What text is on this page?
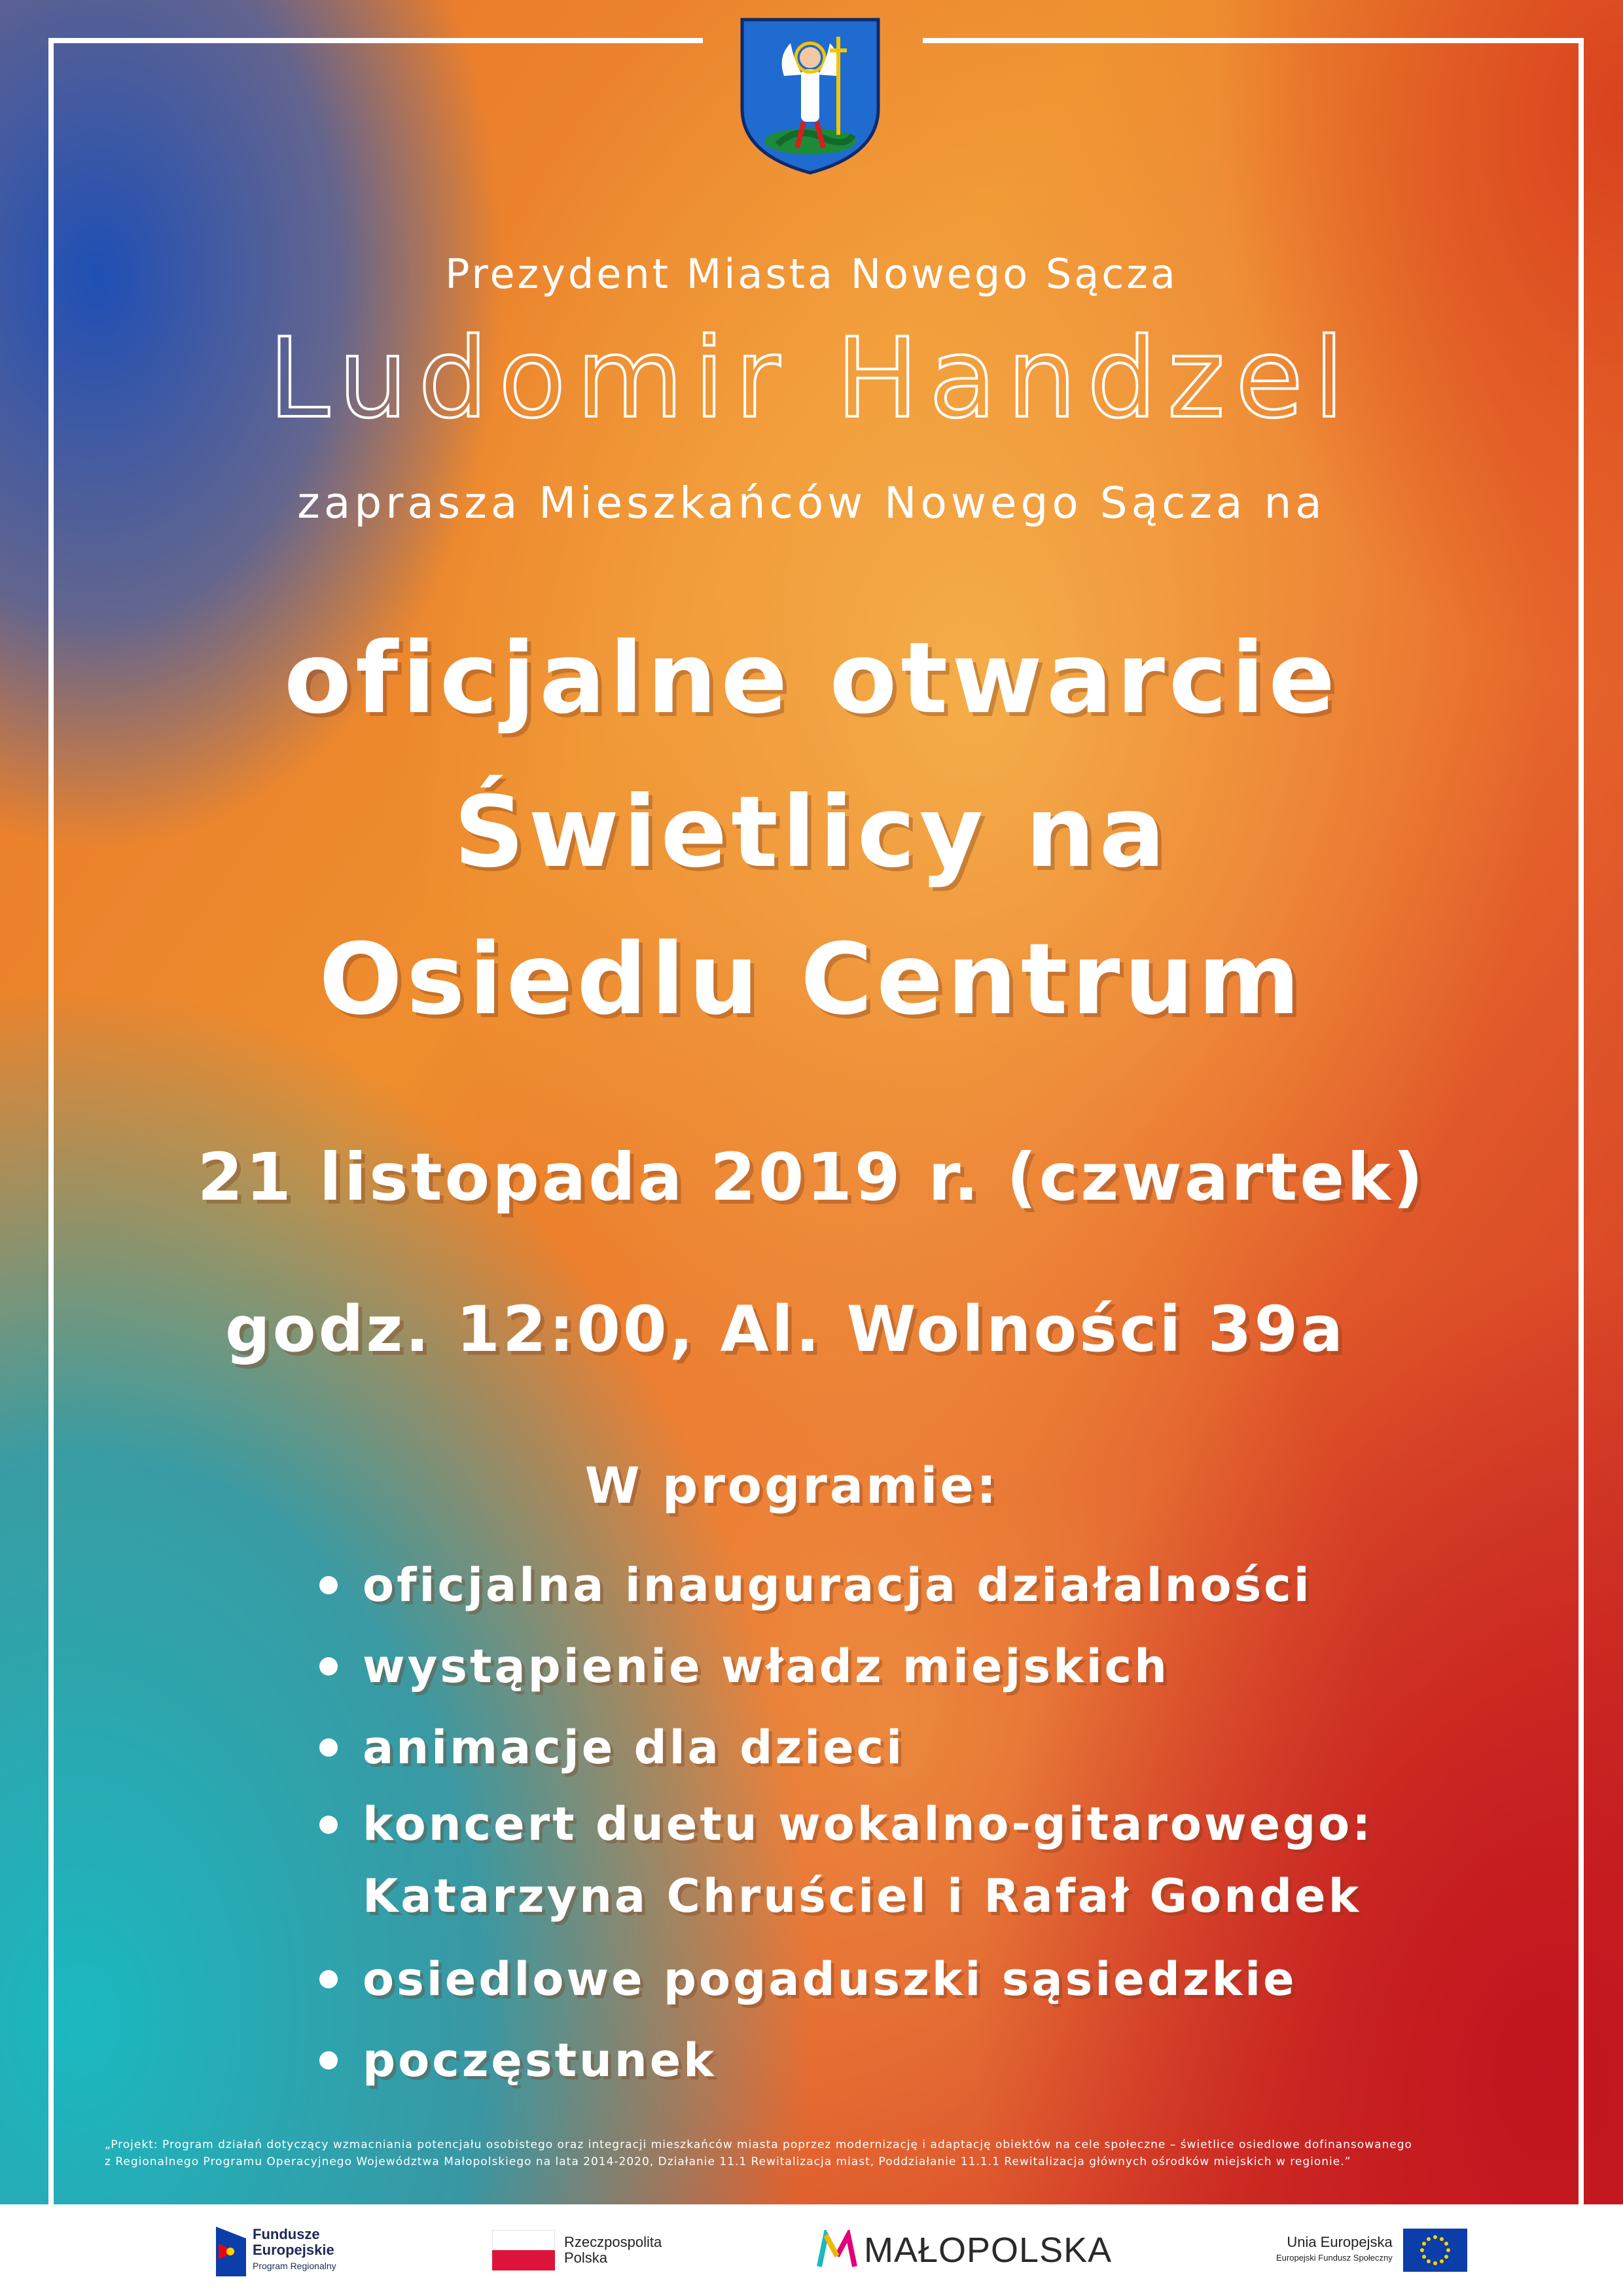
Prezydent Miasta Nowego Sącza
Ludomir Handzel
zaprasza Mieszkańców Nowego Sącza na
oficjalne otwarcie
Świetlicy na
Osiedlu Centrum
21 listopada 2019 r. (czwartek)
godz. 12:00, Al. Wolności 39a
W programie:
oficjalna inauguracja działalności
wystąpienie władz miejskich
animacje dla dzieci
koncert duetu wokalno-gitarowego:
Katarzyna Chruściel i Rafał Gondek
osiedlowe pogaduszki sąsiedzkie
poczęstunek
„Projekt: Program działań dotyczący wzmacniania potencjału osobistego oraz integracji mieszkańców miasta poprzez modernizację i adaptację obiektów na cele społeczne – świetlice osiedlowe dofinansowanego
z Regionalnego Programu Operacyjnego Województwa Małopolskiego na lata 2014-2020, Działanie 11.1 Rewitalizacja miast, Poddziałanie 11.1.1 Rewitalizacja głównych ośrodków miejskich w regionie.”
Fundusze
Europejskie
Program Regionalny
Rzeczpospolita
Polska	MAŁOPOLSKA	Unia Europejska
Europejski Fundusz Społeczny
